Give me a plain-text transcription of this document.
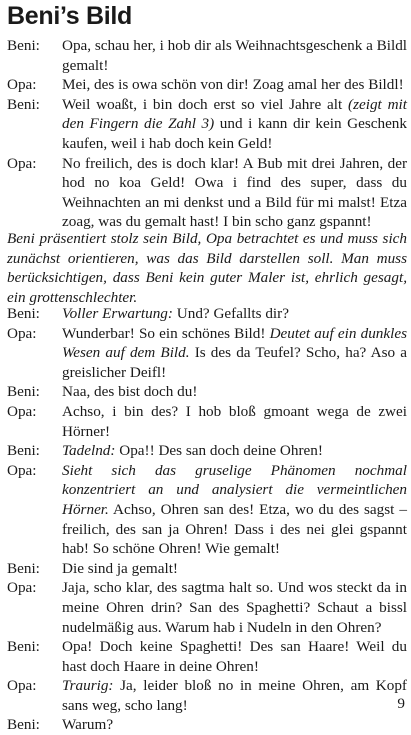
Beni’s Bild
Beni:	Opa, schau her, i hob dir als Weihnachtsgeschenk a Bildl gemalt!
Opa:	Mei, des is owa schön von dir! Zoag amal her des Bildl!
Beni:	Weil woaßt, i bin doch erst so viel Jahre alt (zeigt mit den Fingern die Zahl 3) und i kann dir kein Geschenk kaufen, weil i hab doch kein Geld!
Opa:	No freilich, des is doch klar! A Bub mit drei Jahren, der hod no koa Geld! Owa i find des super, dass du Weihnachten an mi denkst und a Bild für mi malst! Etza zoag, was du gemalt hast! I bin scho ganz gspannt!

Beni präsentiert stolz sein Bild, Opa betrachtet es und muss sich zunächst orientieren, was das Bild darstellen soll. Man muss berücksichtigen, dass Beni kein guter Maler ist, ehrlich gesagt, ein grottenschlechter.

Beni:	Voller Erwartung: Und? Gefallts dir?
Opa:	Wunderbar! So ein schönes Bild! Deutet auf ein dunkles Wesen auf dem Bild. Is des da Teufel? Scho, ha? Aso a greislicher Deifl!
Beni:	Naa, des bist doch du!
Opa:	Achso, i bin des? I hob bloß gmoant wega de zwei Hörner!
Beni:	Tadelnd: Opa!! Des san doch deine Ohren!
Opa:	Sieht sich das gruselige Phänomen nochmal konzentriert an und analysiert die vermeintlichen Hörner. Achso, Ohren san des! Etza, wo du des sagst – freilich, des san ja Ohren! Dass i des nei glei gspannt hab! So schöne Ohren! Wie gemalt!
Beni:	Die sind ja gemalt!
Opa:	Jaja, scho klar, des sagtma halt so. Und wos steckt da in meine Ohren drin? San des Spaghetti? Schaut a bissl nudelmäßig aus. Warum hab i Nudeln in den Ohren?
Beni:	Opa! Doch keine Spaghetti! Des san Haare! Weil du hast doch Haare in deine Ohren!
Opa:	Traurig: Ja, leider bloß no in meine Ohren, am Kopf sans weg, scho lang!
Beni:	Warum?
9
